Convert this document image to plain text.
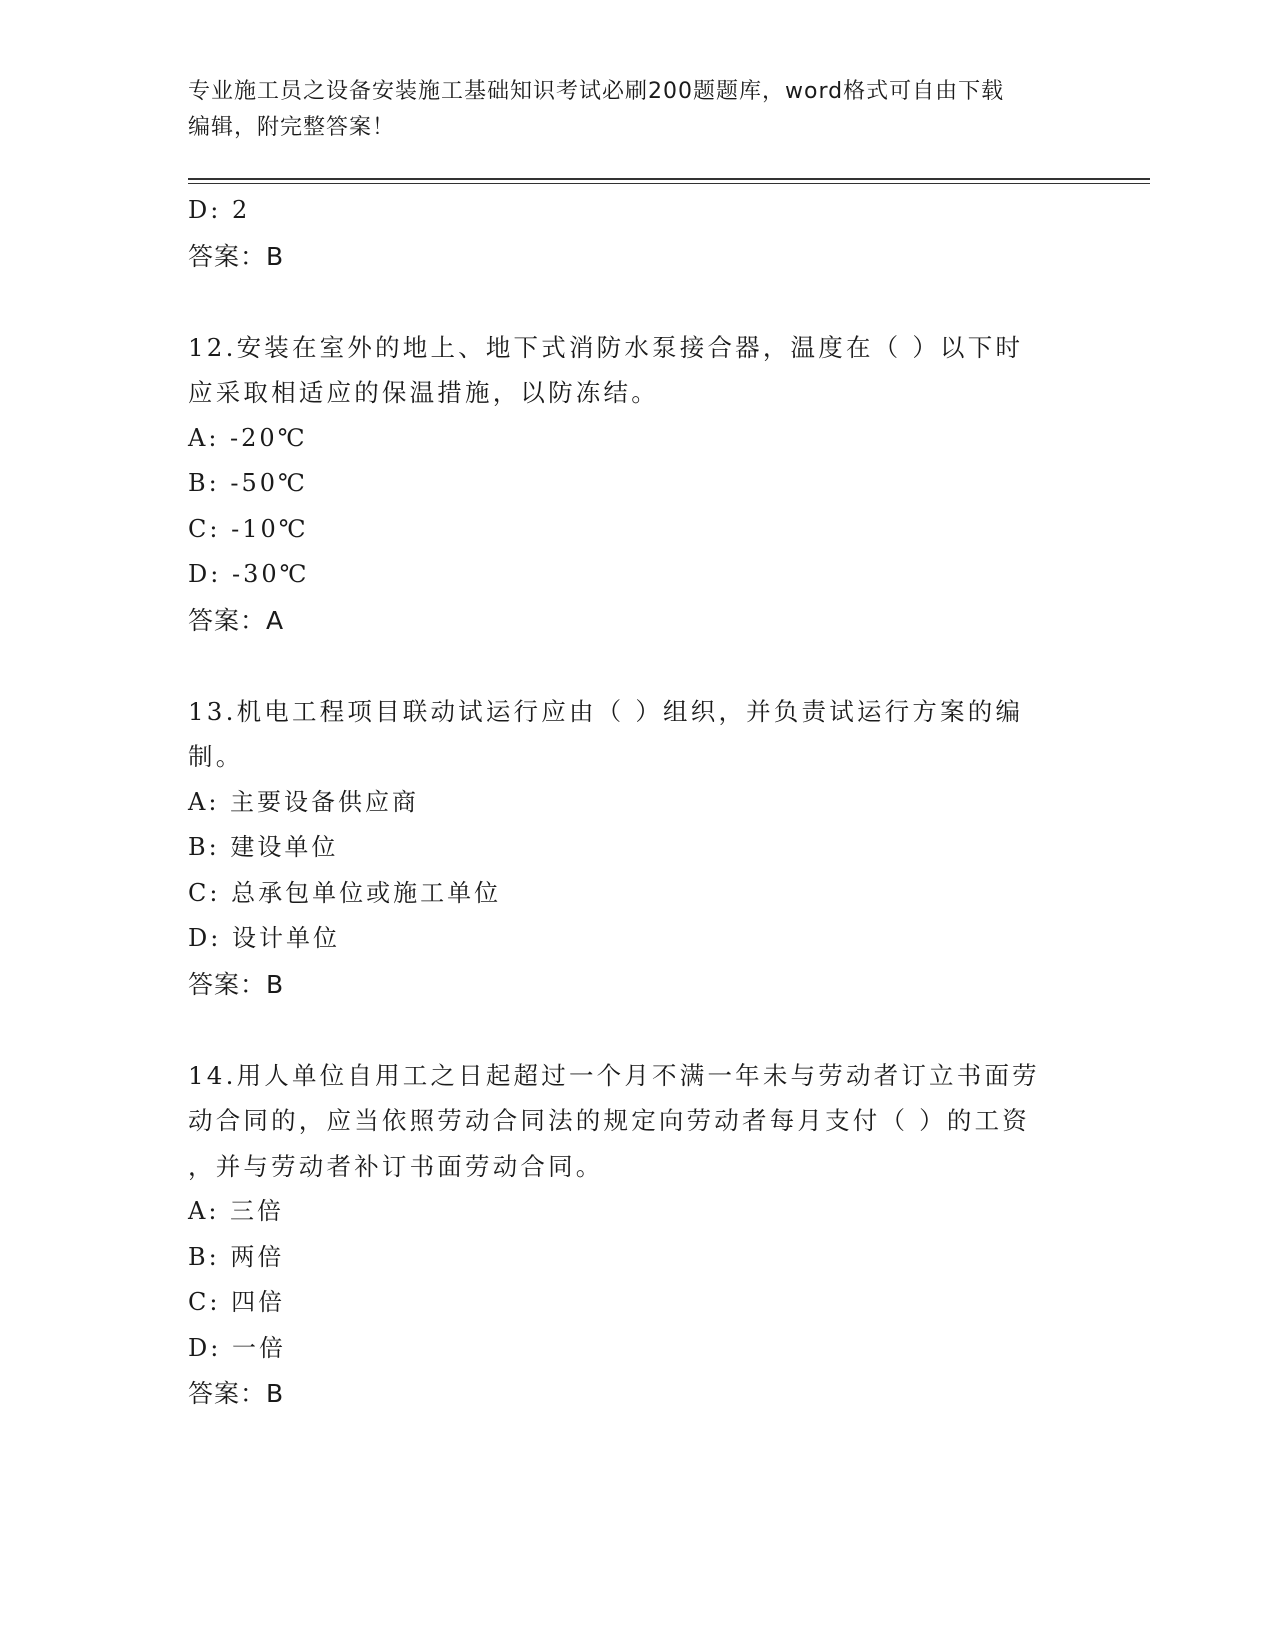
专业施工员之设备安装施工基础知识考试必刷200题题库，word格式可自由下载
编辑，附完整答案！
D: 2
答案：B
12.安装在室外的地上、地下式消防水泵接合器，温度在（ ）以下时
应采取相适应的保温措施，以防冻结。
A: -20℃
B: -50℃
C: -10℃
D: -30℃
答案：A
13.机电工程项目联动试运行应由（ ）组织，并负责试运行方案的编
制。
A: 主要设备供应商
B: 建设单位
C: 总承包单位或施工单位
D: 设计单位
答案：B
14.用人单位自用工之日起超过一个月不满一年未与劳动者订立书面劳
动合同的，应当依照劳动合同法的规定向劳动者每月支付（ ）的工资
，并与劳动者补订书面劳动合同。
A: 三倍
B: 两倍
C: 四倍
D: 一倍
答案：B
